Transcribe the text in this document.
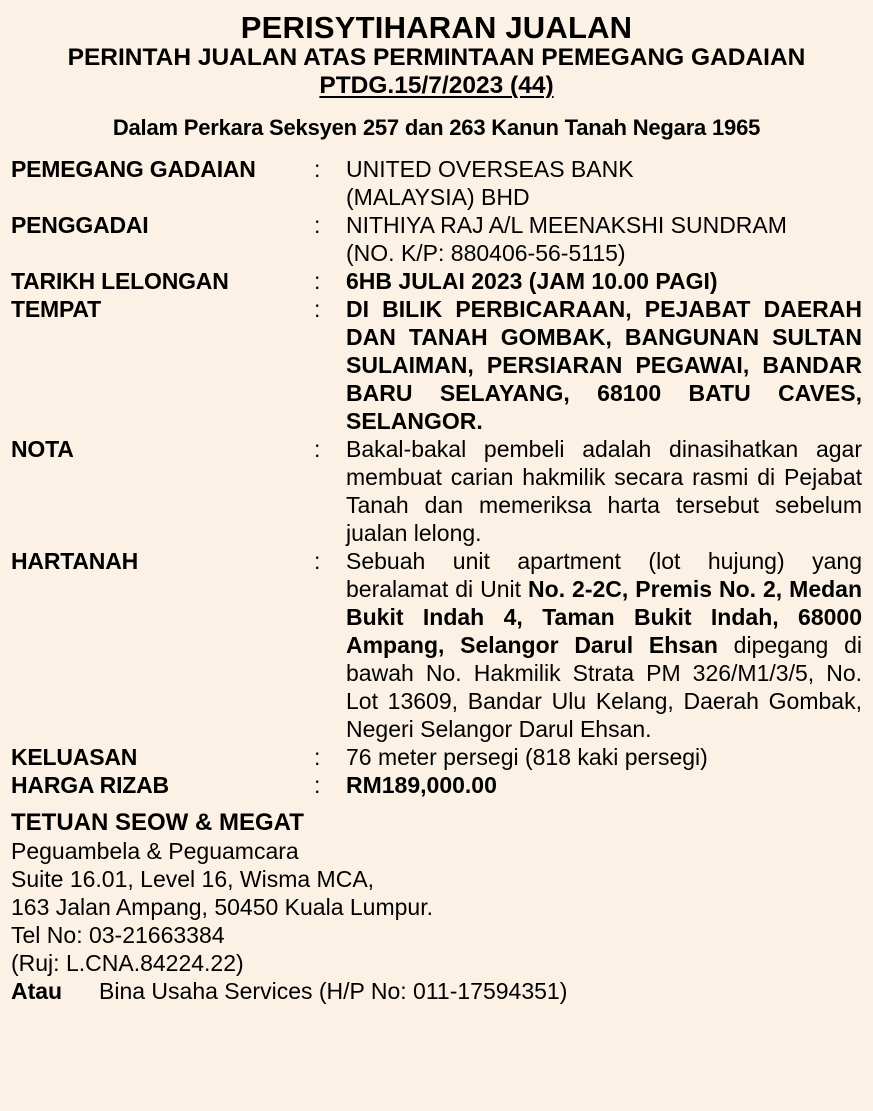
PERISYTIHARAN JUALAN
PERINTAH JUALAN ATAS PERMINTAAN PEMEGANG GADAIAN
PTDG.15/7/2023 (44)
Dalam Perkara Seksyen 257 dan 263 Kanun Tanah Negara 1965
PEMEGANG GADAIAN	:	UNITED OVERSEAS BANK (MALAYSIA) BHD
PENGGADAI	:	NITHIYA RAJ A/L MEENAKSHI SUNDRAM
(NO. K/P: 880406-56-5115)
TARIKH LELONGAN	:	6HB JULAI 2023 (JAM 10.00 PAGI)
TEMPAT	:	DI BILIK PERBICARAAN, PEJABAT DAERAH DAN TANAH GOMBAK, BANGUNAN SULTAN SULAIMAN, PERSIARAN PEGAWAI, BANDAR BARU SELAYANG, 68100 BATU CAVES, SELANGOR.
NOTA	:	Bakal-bakal pembeli adalah dinasihatkan agar membuat carian hakmilik secara rasmi di Pejabat Tanah dan memeriksa harta tersebut sebelum jualan lelong.
HARTANAH	:	Sebuah unit apartment (lot hujung) yang beralamat di Unit No. 2-2C, Premis No. 2, Medan Bukit Indah 4, Taman Bukit Indah, 68000 Ampang, Selangor Darul Ehsan dipegang di bawah No. Hakmilik Strata PM 326/M1/3/5, No. Lot 13609, Bandar Ulu Kelang, Daerah Gombak, Negeri Selangor Darul Ehsan.
KELUASAN	:	76 meter persegi (818 kaki persegi)
HARGA RIZAB	:	RM189,000.00
TETUAN SEOW & MEGAT
Peguambela & Peguamcara
Suite 16.01, Level 16, Wisma MCA,
163 Jalan Ampang, 50450 Kuala Lumpur.
Tel No: 03-21663384
(Ruj: L.CNA.84224.22)
Atau	Bina Usaha Services (H/P No: 011-17594351)
